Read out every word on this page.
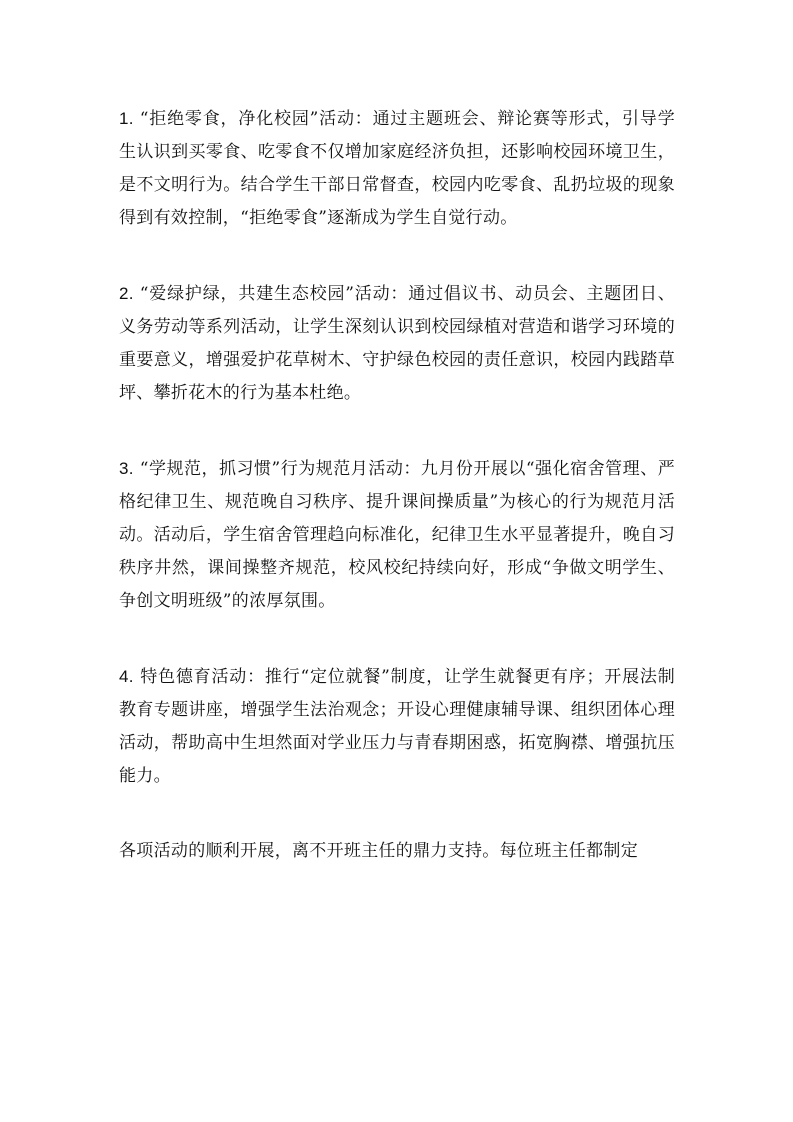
1. “拒绝零食，净化校园”活动：通过主题班会、辩论赛等形式，引导学生认识到买零食、吃零食不仅增加家庭经济负担，还影响校园环境卫生，是不文明行为。结合学生干部日常督查，校园内吃零食、乱扔垃圾的现象得到有效控制，“拒绝零食”逐渐成为学生自觉行动。

2. “爱绿护绿，共建生态校园”活动：通过倡议书、动员会、主题团日、义务劳动等系列活动，让学生深刻认识到校园绿植对营造和谐学习环境的重要意义，增强爱护花草树木、守护绿色校园的责任意识，校园内践踏草坪、攀折花木的行为基本杜绝。

3. “学规范，抓习惯”行为规范月活动：九月份开展以“强化宿舍管理、严格纪律卫生、规范晚自习秩序、提升课间操质量”为核心的行为规范月活动。活动后，学生宿舍管理趋向标准化，纪律卫生水平显著提升，晚自习秩序井然，课间操整齐规范，校风校纪持续向好，形成“争做文明学生、争创文明班级”的浓厚氛围。

4. 特色德育活动：推行“定位就餐”制度，让学生就餐更有序；开展法制教育专题讲座，增强学生法治观念；开设心理健康辅导课、组织团体心理活动，帮助高中生坦然面对学业压力与青春期困惑，拓宽胸襟、增强抗压能力。

各项活动的顺利开展，离不开班主任的鼎力支持。每位班主任都制定
